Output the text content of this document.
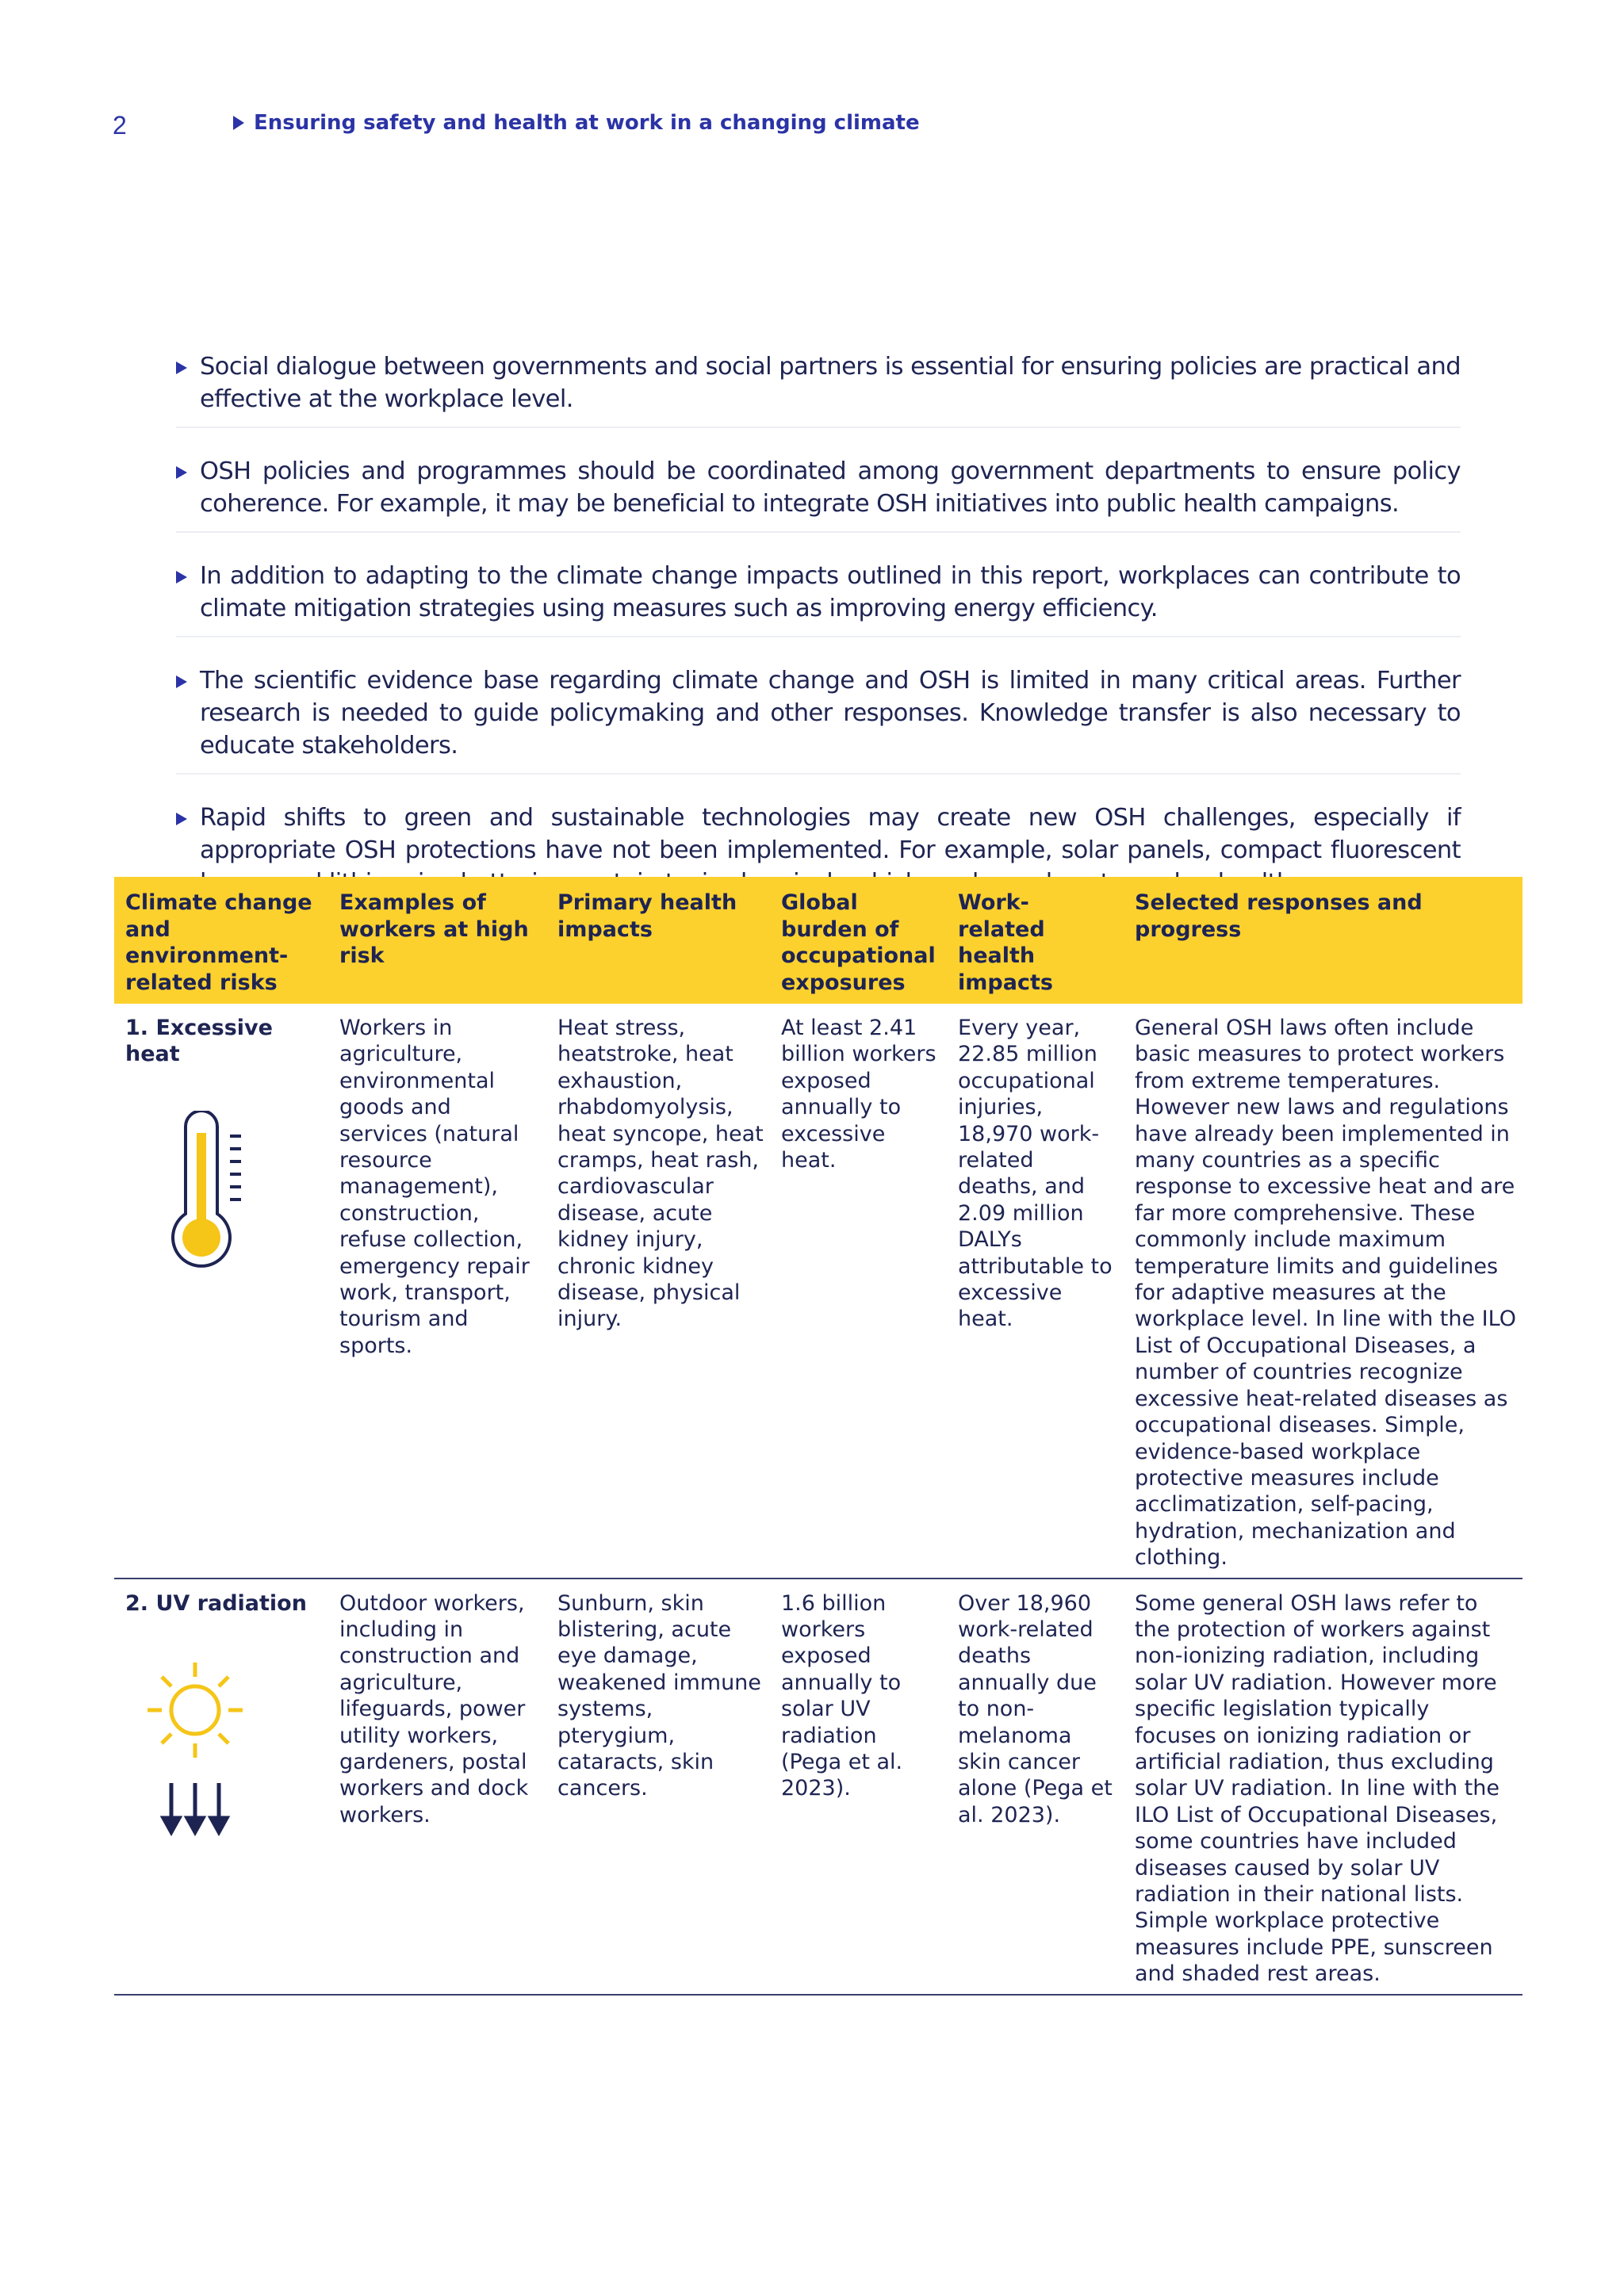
2	Ensuring safety and health at work in a changing climate
Social dialogue between governments and social partners is essential for ensuring policies are practical and effective at the workplace level.
OSH policies and programmes should be coordinated among government departments to ensure policy coherence. For example, it may be beneficial to integrate OSH initiatives into public health campaigns.
In addition to adapting to the climate change impacts outlined in this report, workplaces can contribute to climate mitigation strategies using measures such as improving energy efficiency.
The scientific evidence base regarding climate change and OSH is limited in many critical areas. Further research is needed to guide policymaking and other responses. Knowledge transfer is also necessary to educate stakeholders.
Rapid shifts to green and sustainable technologies may create new OSH challenges, especially if appropriate OSH protections have not been implemented. For example, solar panels, compact fluorescent
Climate change and environment-related risks
Examples of workers at high risk
Primary health impacts
Global burden of occupational exposures
Work-related health impacts
Selected responses and progress
1. Excessive heat
Workers in agriculture, environmental goods and services (natural resource management), construction, refuse collection, emergency repair work, transport, tourism and sports.
Heat stress, heatstroke, heat exhaustion, rhabdomyolysis, heat syncope, heat cramps, heat rash, cardiovascular disease, acute kidney injury, chronic kidney disease, physical injury.
At least 2.41 billion workers exposed annually to excessive heat.
Every year, 22.85 million occupational injuries, 18,970 work-related deaths, and 2.09 million DALYs attributable to excessive heat.
General OSH laws often include basic measures to protect workers from extreme temperatures. However new laws and regulations have already been implemented in many countries as a specific response to excessive heat and are far more comprehensive. These commonly include maximum temperature limits and guidelines for adaptive measures at the workplace level. In line with the ILO List of Occupational Diseases, a number of countries recognize excessive heat-related diseases as occupational diseases. Simple, evidence-based workplace protective measures include acclimatization, self-pacing, hydration, mechanization and clothing.
2. UV radiation	Outdoor workers, including in construction and agriculture, lifeguards, power utility workers, gardeners, postal workers and dock workers.
Sunburn, skin blistering, acute eye damage, weakened immune systems, pterygium, cataracts, skin cancers.
1.6 billion workers exposed annually to solar UV radiation (Pega et al. 2023).
Over 18,960 work-related deaths annually due to non-melanoma skin cancer alone (Pega et al. 2023).
Some general OSH laws refer to the protection of workers against non-ionizing radiation, including solar UV radiation. However more specific legislation typically focuses on ionizing radiation or artificial radiation, thus excluding solar UV radiation. In line with the ILO List of Occupational Diseases, some countries have included diseases caused by solar UV radiation in their national lists. Simple workplace protective measures include PPE, sunscreen and shaded rest areas.
